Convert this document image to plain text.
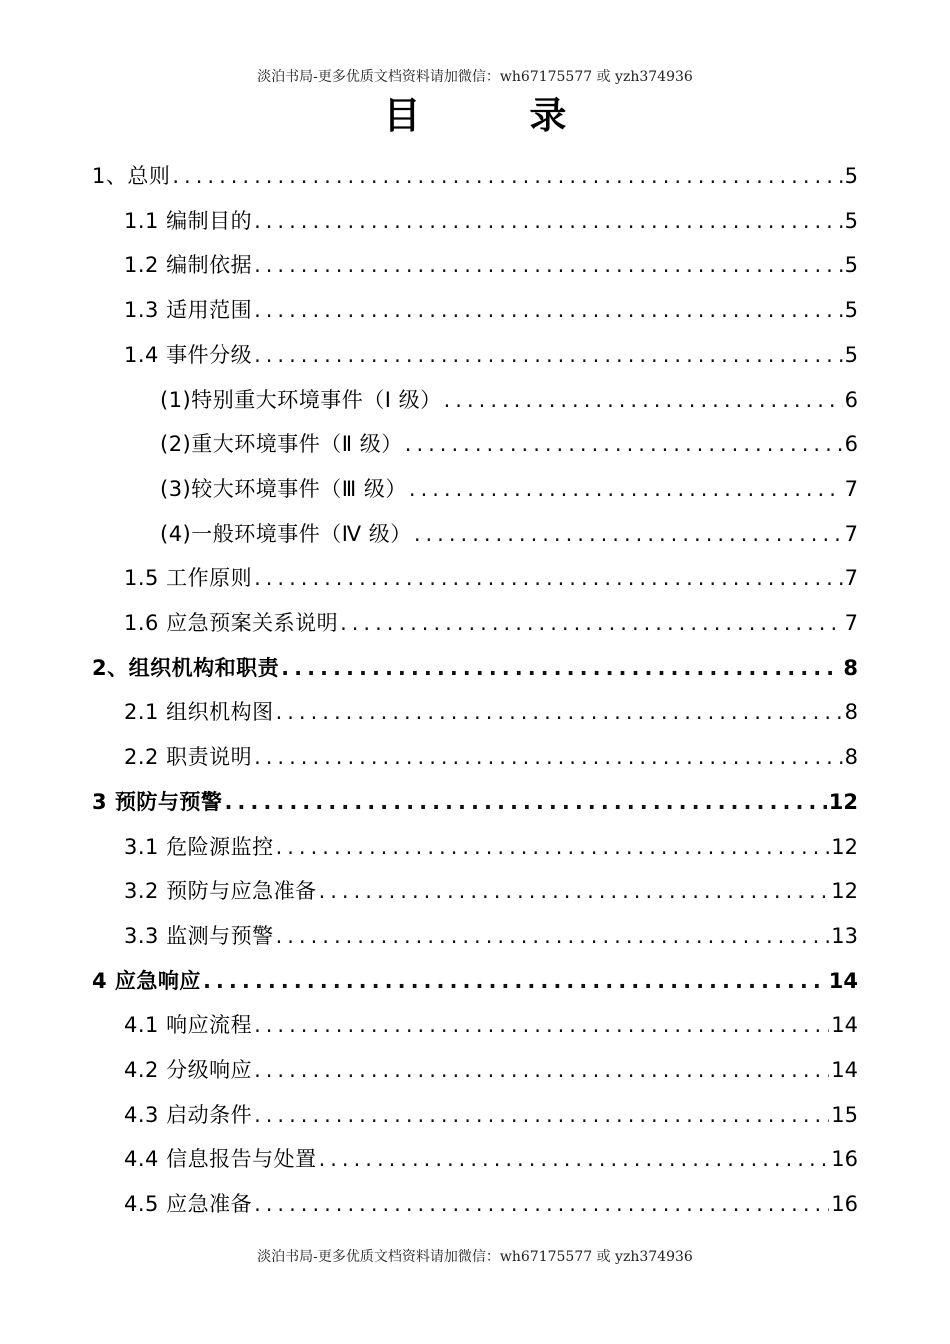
淡泊书局-更多优质文档资料请加微信：wh67175577 或 yzh374936
目 录
1、总则 .....	5
1.1 编制目的 .....	5
1.2 编制依据 .....	5
1.3 适用范围 .....	5
1.4 事件分级 .....	5
(1)特别重大环境事件（Ⅰ 级） .....	6
(2)重大环境事件（Ⅱ 级） .....	6
(3)较大环境事件（Ⅲ 级） .....	7
(4)一般环境事件（Ⅳ 级） .....	7
1.5 工作原则 .....	7
1.6 应急预案关系说明 .....	7
2、组织机构和职责 .....	8
2.1 组织机构图 .....	8
2.2 职责说明 .....	8
3 预防与预警 .....	12
3.1 危险源监控 .....	12
3.2 预防与应急准备 .....	12
3.3 监测与预警 .....	13
4 应急响应 .....	14
4.1 响应流程 .....	14
4.2 分级响应 .....	14
4.3 启动条件 .....	15
4.4 信息报告与处置 .....	16
4.5 应急准备 .....	16
淡泊书局-更多优质文档资料请加微信：wh67175577 或 yzh374936
